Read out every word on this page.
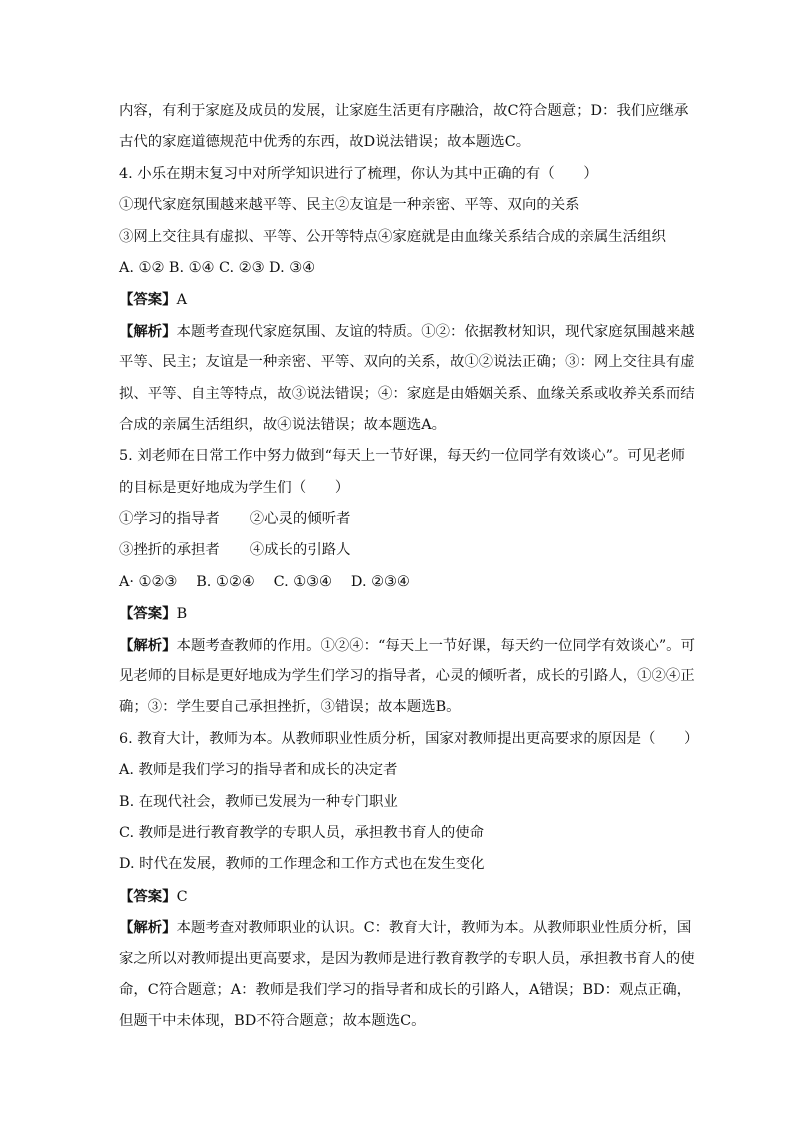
内容，有利于家庭及成员的发展，让家庭生活更有序融洽，故C符合题意；D：我们应继承
古代的家庭道德规范中优秀的东西，故D说法错误；故本题选C。
4. 小乐在期末复习中对所学知识进行了梳理，你认为其中正确的有（　　）
①现代家庭氛围越来越平等、民主②友谊是一种亲密、平等、双向的关系
③网上交往具有虚拟、平等、公开等特点④家庭就是由血缘关系结合成的亲属生活组织
A. ①② B. ①④ C. ②③ D. ③④
【答案】A
【解析】本题考查现代家庭氛围、友谊的特质。①②：依据教材知识，现代家庭氛围越来越
平等、民主；友谊是一种亲密、平等、双向的关系，故①②说法正确；③：网上交往具有虚
拟、平等、自主等特点，故③说法错误；④：家庭是由婚姻关系、血缘关系或收养关系而结
合成的亲属生活组织，故④说法错误；故本题选A。
5. 刘老师在日常工作中努力做到“每天上一节好课，每天约一位同学有效谈心”。可见老师
的目标是更好地成为学生们（　　）
①学习的指导者 ②心灵的倾听者
③挫折的承担者 ④成长的引路人
A· ①②③　 B. ①②④　 C. ①③④　 D. ②③④
【答案】B
【解析】本题考查教师的作用。①②④：“每天上一节好课，每天约一位同学有效谈心”。可
见老师的目标是更好地成为学生们学习的指导者，心灵的倾听者，成长的引路人，①②④正
确；③：学生要自己承担挫折，③错误；故本题选B。
6. 教育大计，教师为本。从教师职业性质分析，国家对教师提出更高要求的原因是（　　）
A. 教师是我们学习的指导者和成长的决定者
B. 在现代社会，教师已发展为一种专门职业
C. 教师是进行教育教学的专职人员，承担教书育人的使命
D. 时代在发展，教师的工作理念和工作方式也在发生变化
【答案】C
【解析】本题考查对教师职业的认识。C：教育大计，教师为本。从教师职业性质分析，国
家之所以对教师提出更高要求，是因为教师是进行教育教学的专职人员，承担教书育人的使
命，C符合题意；A：教师是我们学习的指导者和成长的引路人，A错误；BD：观点正确，
但题干中未体现，BD不符合题意；故本题选C。
